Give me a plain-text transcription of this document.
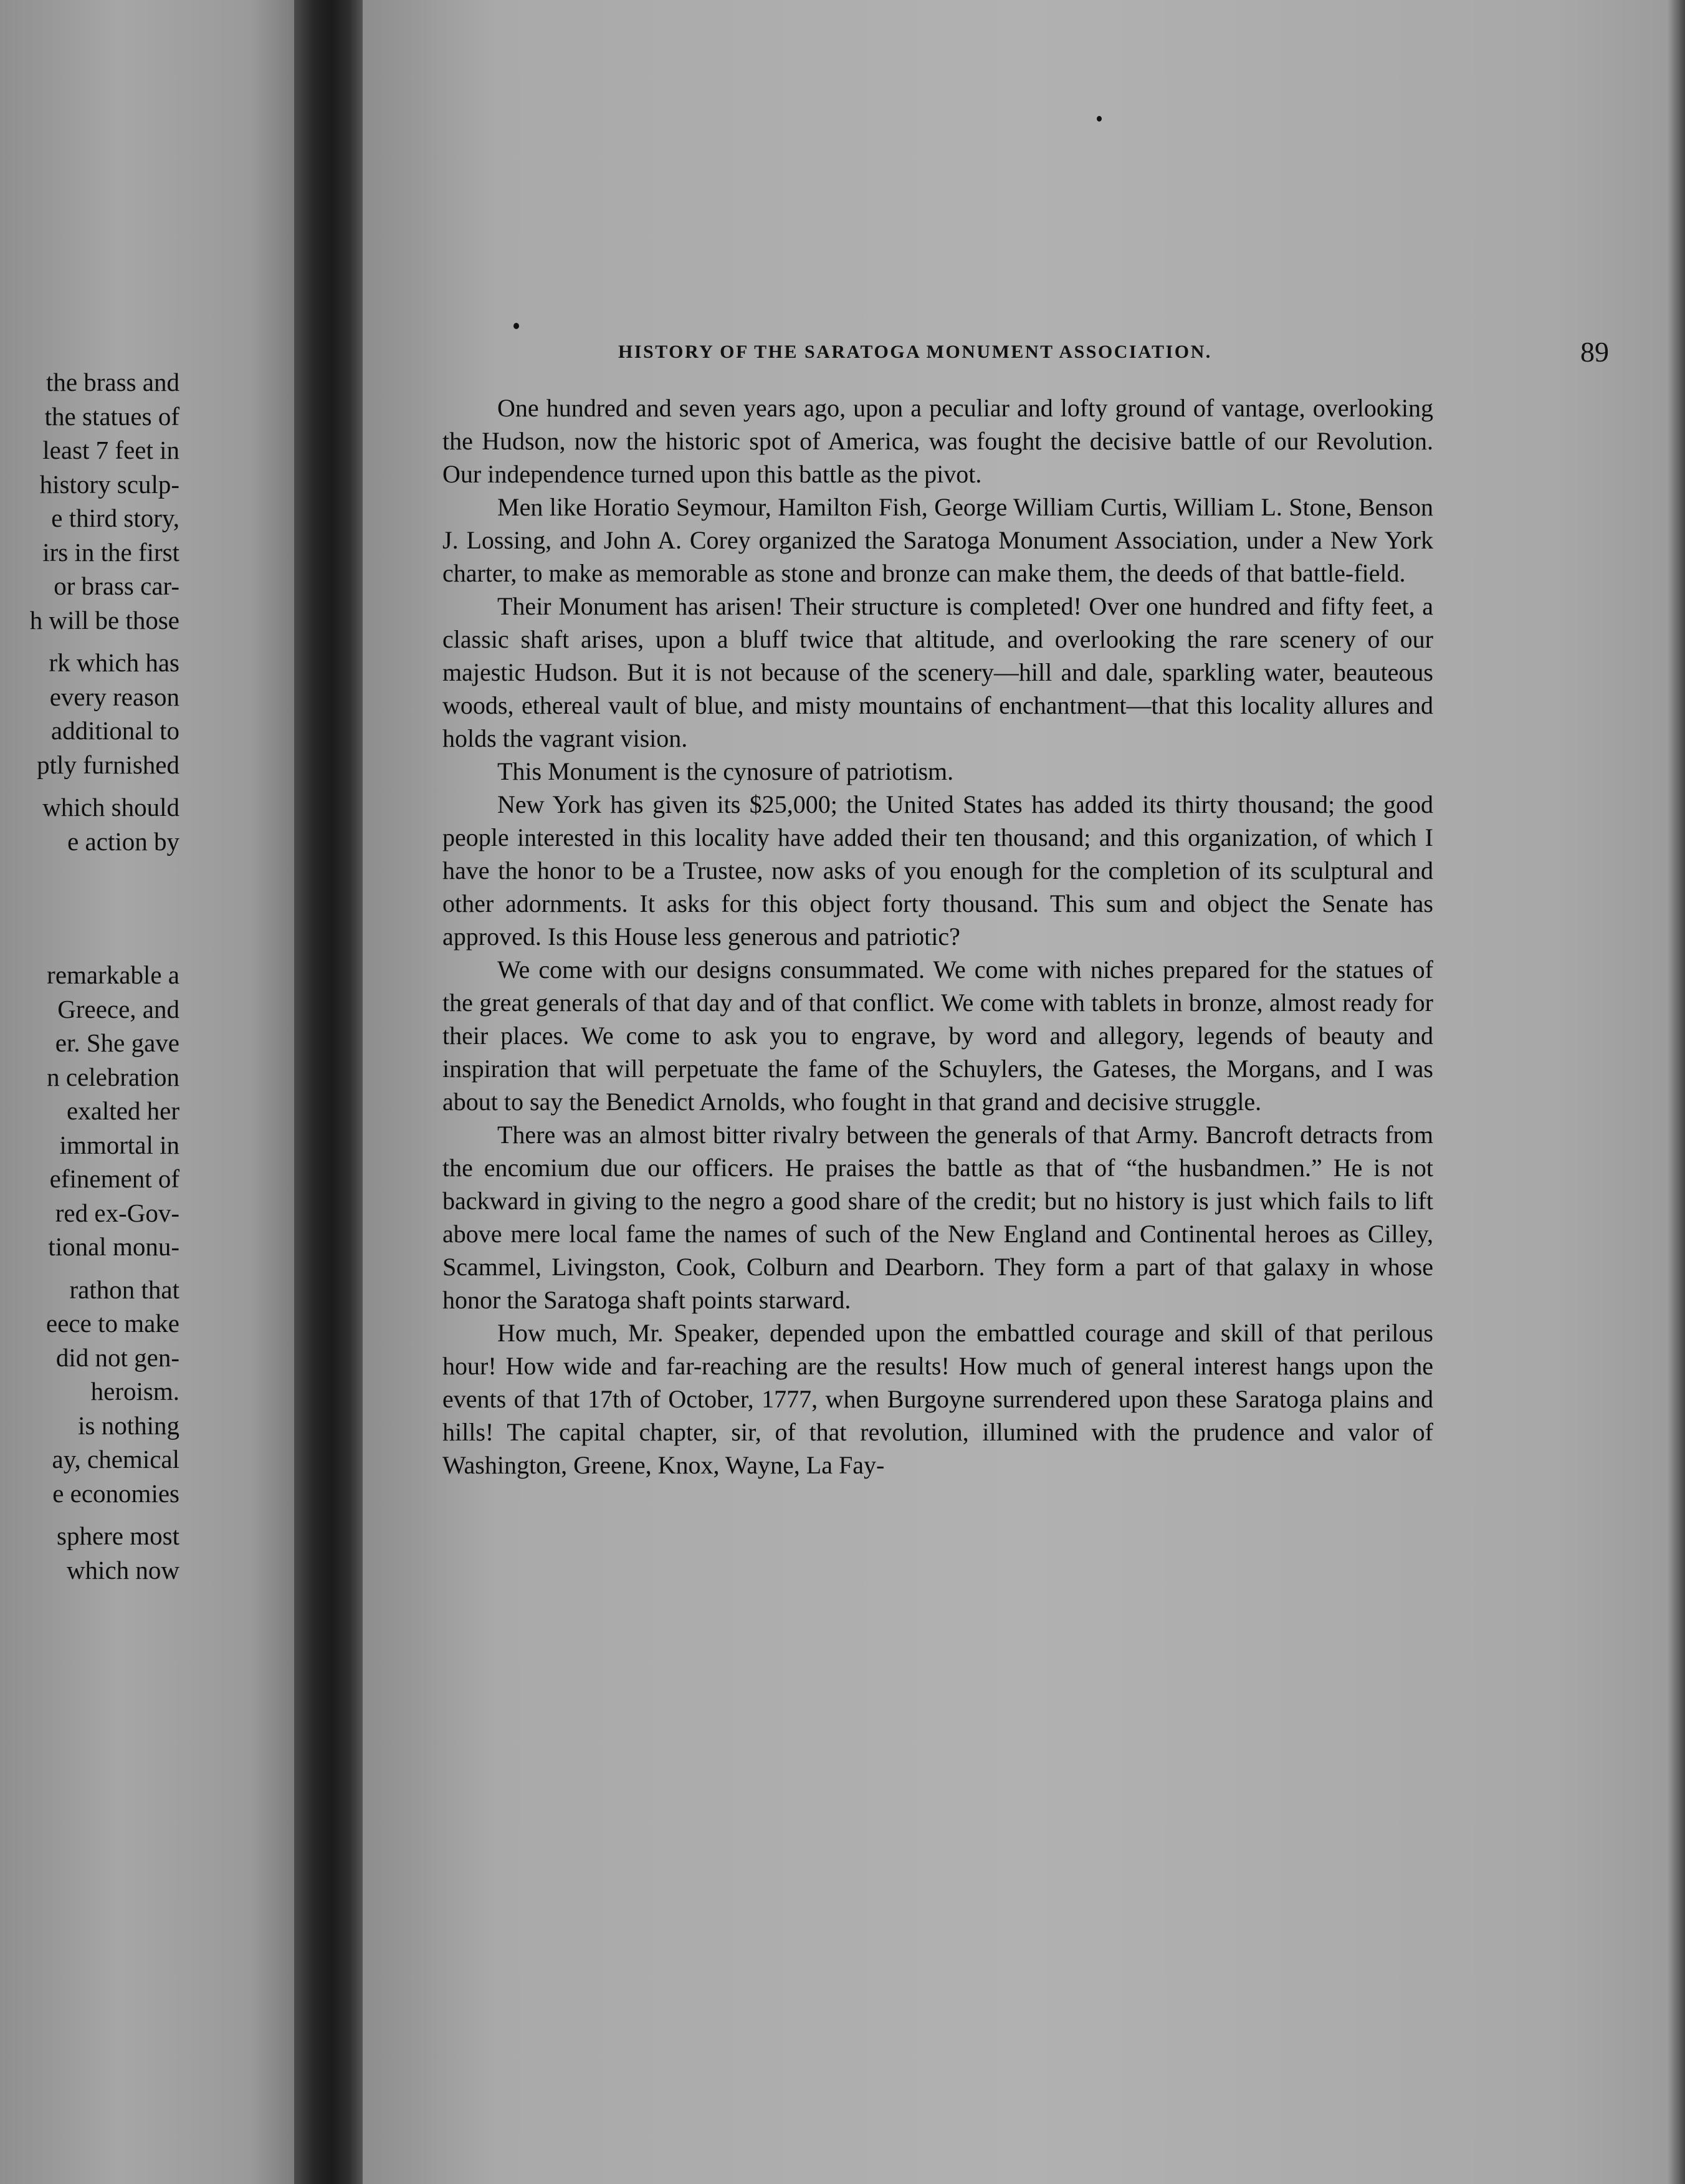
the brass and
the statues of
least 7 feet in
history sculp-
e third story,
irs in the first
or brass car-
h will be those
rk which has
every reason
additional to
ptly furnished
which should
e action by
remarkable a
Greece, and
er. She gave
n celebration
exalted her
immortal in
efinement of
red ex-Gov-
tional monu-
rathon that
eece to make
did not gen-
heroism.
is nothing
ay, chemical
e economies
sphere most
which now
HISTORY OF THE SARATOGA MONUMENT ASSOCIATION.	89

One hundred and seven years ago, upon a peculiar and lofty ground of vantage, overlooking the Hudson, now the historic spot of America, was fought the decisive battle of our Revolution. Our independence turned upon this battle as the pivot.

Men like Horatio Seymour, Hamilton Fish, George William Curtis, William L. Stone, Benson J. Lossing, and John A. Corey organized the Saratoga Monument Association, under a New York charter, to make as memorable as stone and bronze can make them, the deeds of that battle-field.

Their Monument has arisen! Their structure is completed! Over one hundred and fifty feet, a classic shaft arises, upon a bluff twice that altitude, and overlooking the rare scenery of our majestic Hudson. But it is not because of the scenery—hill and dale, sparkling water, beauteous woods, ethereal vault of blue, and misty mountains of enchantment—that this locality allures and holds the vagrant vision.

This Monument is the cynosure of patriotism.

New York has given its $25,000; the United States has added its thirty thousand; the good people interested in this locality have added their ten thousand; and this organization, of which I have the honor to be a Trustee, now asks of you enough for the completion of its sculptural and other adornments. It asks for this object forty thousand. This sum and object the Senate has approved. Is this House less generous and patriotic?

We come with our designs consummated. We come with niches prepared for the statues of the great generals of that day and of that conflict. We come with tablets in bronze, almost ready for their places. We come to ask you to engrave, by word and allegory, legends of beauty and inspiration that will perpetuate the fame of the Schuylers, the Gateses, the Morgans, and I was about to say the Benedict Arnolds, who fought in that grand and decisive struggle.

There was an almost bitter rivalry between the generals of that Army. Bancroft detracts from the encomium due our officers. He praises the battle as that of “the husbandmen.” He is not backward in giving to the negro a good share of the credit; but no history is just which fails to lift above mere local fame the names of such of the New England and Continental heroes as Cilley, Scammel, Livingston, Cook, Colburn and Dearborn. They form a part of that galaxy in whose honor the Saratoga shaft points starward.

How much, Mr. Speaker, depended upon the embattled courage and skill of that perilous hour! How wide and far-reaching are the results! How much of general interest hangs upon the events of that 17th of October, 1777, when Burgoyne surrendered upon these Saratoga plains and hills! The capital chapter, sir, of that revolution, illumined with the prudence and valor of Washington, Greene, Knox, Wayne, La Fay-
